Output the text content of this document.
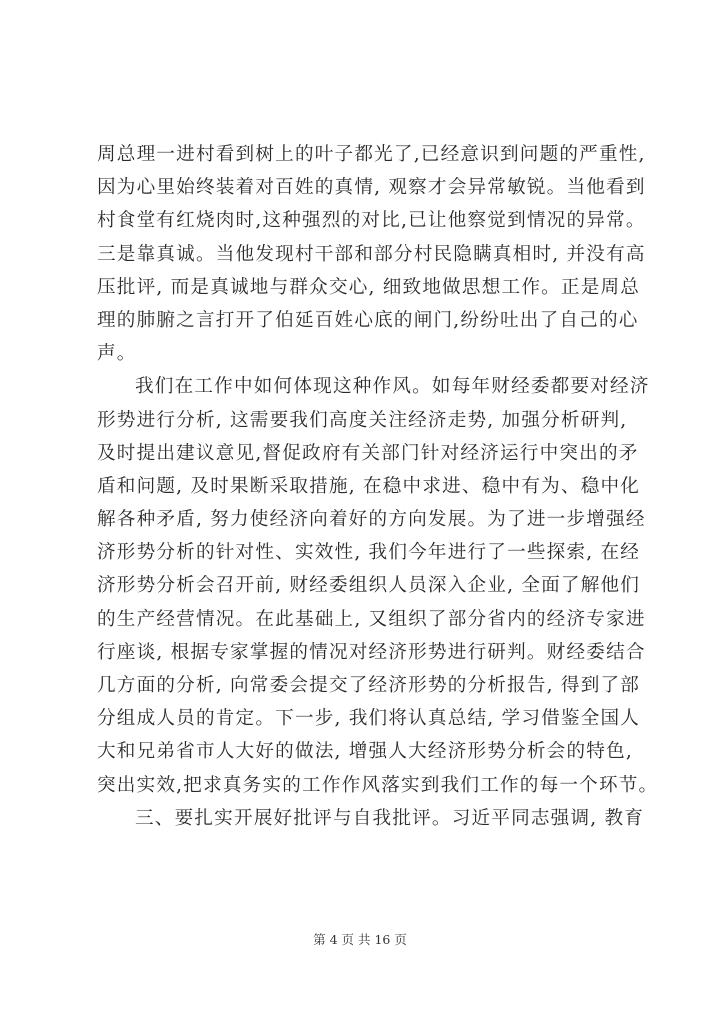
周总理一进村看到树上的叶子都光了,已经意识到问题的严重性,
因为心里始终装着对百姓的真情, 观察才会异常敏锐。当他看到
村食堂有红烧肉时,这种强烈的对比,已让他察觉到情况的异常。
三是靠真诚。当他发现村干部和部分村民隐瞒真相时, 并没有高
压批评, 而是真诚地与群众交心, 细致地做思想工作。正是周总
理的肺腑之言打开了伯延百姓心底的闸门,纷纷吐出了自己的心
声。
我们在工作中如何体现这种作风。如每年财经委都要对经济
形势进行分析, 这需要我们高度关注经济走势, 加强分析研判,
及时提出建议意见,督促政府有关部门针对经济运行中突出的矛
盾和问题, 及时果断采取措施, 在稳中求进、稳中有为、稳中化
解各种矛盾, 努力使经济向着好的方向发展。为了进一步增强经
济形势分析的针对性、实效性, 我们今年进行了一些探索, 在经
济形势分析会召开前, 财经委组织人员深入企业, 全面了解他们
的生产经营情况。在此基础上, 又组织了部分省内的经济专家进
行座谈, 根据专家掌握的情况对经济形势进行研判。财经委结合
几方面的分析, 向常委会提交了经济形势的分析报告, 得到了部
分组成人员的肯定。下一步, 我们将认真总结, 学习借鉴全国人
大和兄弟省市人大好的做法, 增强人大经济形势分析会的特色,
突出实效,把求真务实的工作作风落实到我们工作的每一个环节。
三、要扎实开展好批评与自我批评。习近平同志强调, 教育
第 4 页 共 16 页
